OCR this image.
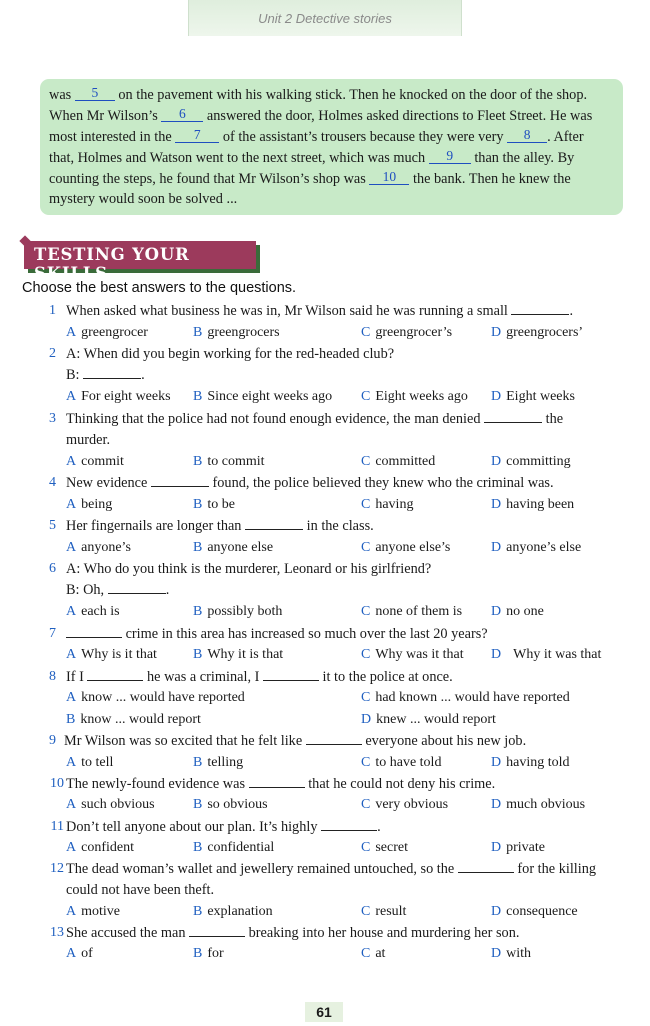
Unit 2 Detective stories
was 5 on the pavement with his walking stick. Then he knocked on the door of the shop.
When Mr Wilson’s 6 answered the door, Holmes asked directions to Fleet Street. He was
most interested in the 7 of the assistant’s trousers because they were very 8 . After
that, Holmes and Watson went to the next street, which was much 9 than the alley. By
counting the steps, he found that Mr Wilson’s shop was 10 the bank. Then he knew the
mystery would soon be solved ...
TESTING YOUR SKILLS
Choose the best answers to the questions.
1 When asked what business he was in, Mr Wilson said he was running a small	.
A greengrocer	B greengrocers	C greengrocer’s	D greengrocers’
2 A: When did you begin working for the red-headed club?
B:	.
A For eight weeks B Since eight weeks ago C Eight weeks ago D Eight weeks
3 Thinking that the police had not found enough evidence, the man denied	the
murder.
A commit	B to commit	C committed	D committing
4 New evidence	found, the police believed they knew who the criminal was.
A being	B to be	C having	D having been
5 Her fingernails are longer than	in the class.
A anyone’s	B anyone else	C anyone else’s	D anyone’s else
6 A: Who do you think is the murderer, Leonard or his girlfriend?
B: Oh,	.
A each is	B possibly both	C none of them is D no one
7	crime in this area has increased so much over the last 20 years?
A Why is it that	B Why it is that	C Why was it that D Why it was that
8 If I	he was a criminal, I	it to the police at once.
A know ... would have reported	C had known ... would have reported
B know ... would report	D knew ... would report
9 Mr Wilson was so excited that he felt like	everyone about his new job.
A to tell	B telling	C to have told	D having told
10 The newly-found evidence was	that he could not deny his crime.
A such obvious	B so obvious	C very obvious	D much obvious
11 Don’t tell anyone about our plan. It’s highly	.
A confident	B confidential	C secret	D private
12 The dead woman’s wallet and jewellery remained untouched, so the	for the killing
could not have been theft.
A motive	B explanation	C result	D consequence
13 She accused the man	breaking into her house and murdering her son.
A of	B for	C at	D with
61
